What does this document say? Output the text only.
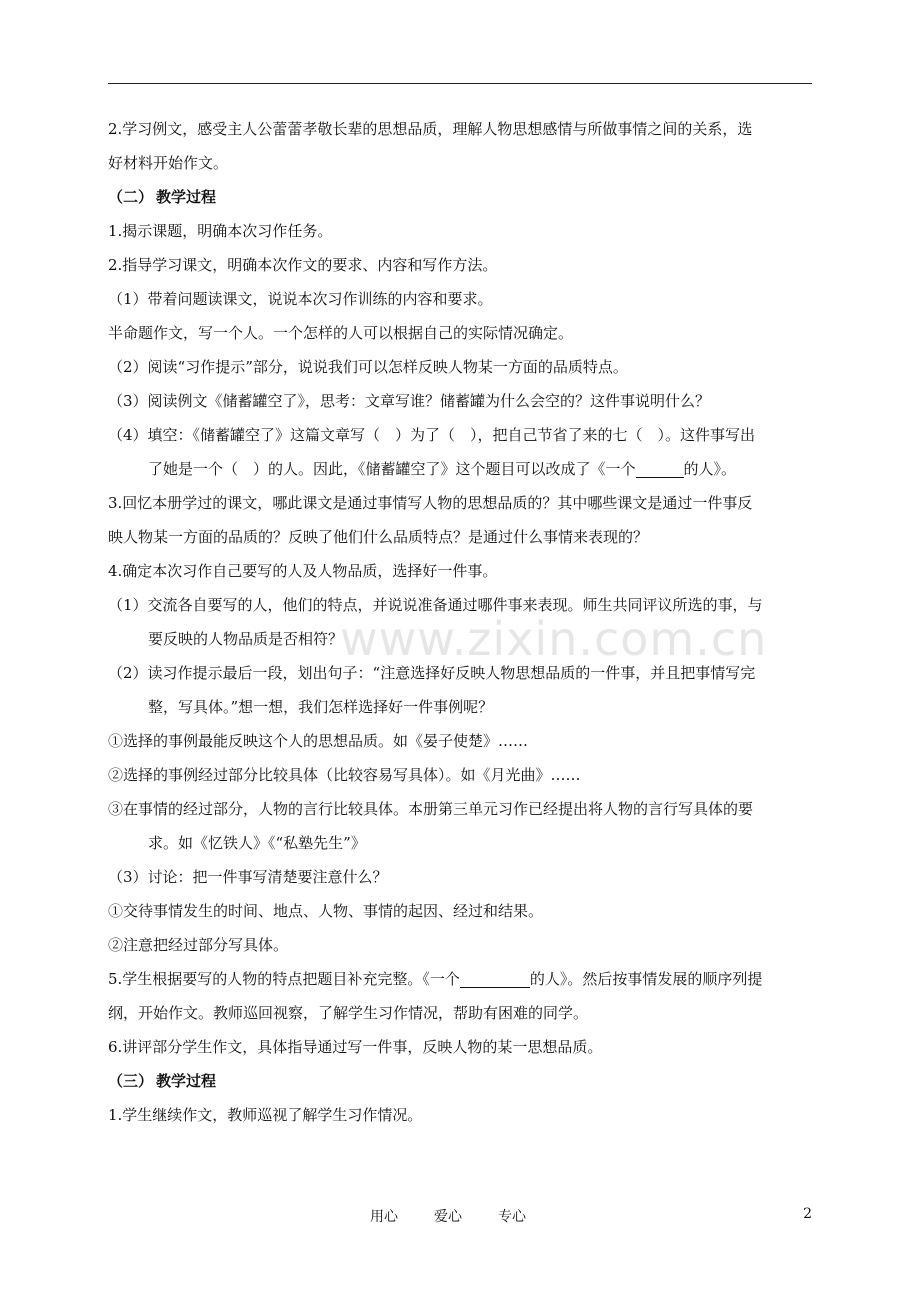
www.zixin.com.cn
2.学习例文，感受主人公蕾蕾孝敬长辈的思想品质，理解人物思想感情与所做事情之间的关系，选
好材料开始作文。
（二） 教学过程
1.揭示课题，明确本次习作任务。
2.指导学习课文，明确本次作文的要求、内容和写作方法。
（1）带着问题读课文，说说本次习作训练的内容和要求。
半命题作文，写一个人。一个怎样的人可以根据自己的实际情况确定。
（2）阅读“习作提示”部分，说说我们可以怎样反映人物某一方面的品质特点。
（3）阅读例文《储蓄罐空了》，思考：文章写谁？储蓄罐为什么会空的？这件事说明什么？
（4）填空：《储蓄罐空了》这篇文章写（　）为了（　），把自己节省了来的七（　）。这件事写出
了她是一个（　）的人。因此，《储蓄罐空了》这个题目可以改成了《一个	的人》。
3.回忆本册学过的课文，哪此课文是通过事情写人物的思想品质的？其中哪些课文是通过一件事反
映人物某一方面的品质的？反映了他们什么品质特点？是通过什么事情来表现的？
4.确定本次习作自己要写的人及人物品质，选择好一件事。
（1）交流各自要写的人，他们的特点，并说说准备通过哪件事来表现。师生共同评议所选的事，与
要反映的人物品质是否相符？
（2）读习作提示最后一段，划出句子：“注意选择好反映人物思想品质的一件事，并且把事情写完
整，写具体。”想一想，我们怎样选择好一件事例呢？
①选择的事例最能反映这个人的思想品质。如《晏子使楚》……
②选择的事例经过部分比较具体（比较容易写具体）。如《月光曲》……
③在事情的经过部分，人物的言行比较具体。本册第三单元习作已经提出将人物的言行写具体的要
求。如《忆铁人》《“私塾先生”》
（3）讨论：把一件事写清楚要注意什么？
①交待事情发生的时间、地点、人物、事情的起因、经过和结果。
②注意把经过部分写具体。
5.学生根据要写的人物的特点把题目补充完整。《一个	的人》。然后按事情发展的顺序列提
纲，开始作文。教师巡回视察，了解学生习作情况，帮助有困难的同学。
6.讲评部分学生作文，具体指导通过写一件事，反映人物的某一思想品质。
（三） 教学过程
1.学生继续作文，教师巡视了解学生习作情况。
用心	爱心	专心	2
